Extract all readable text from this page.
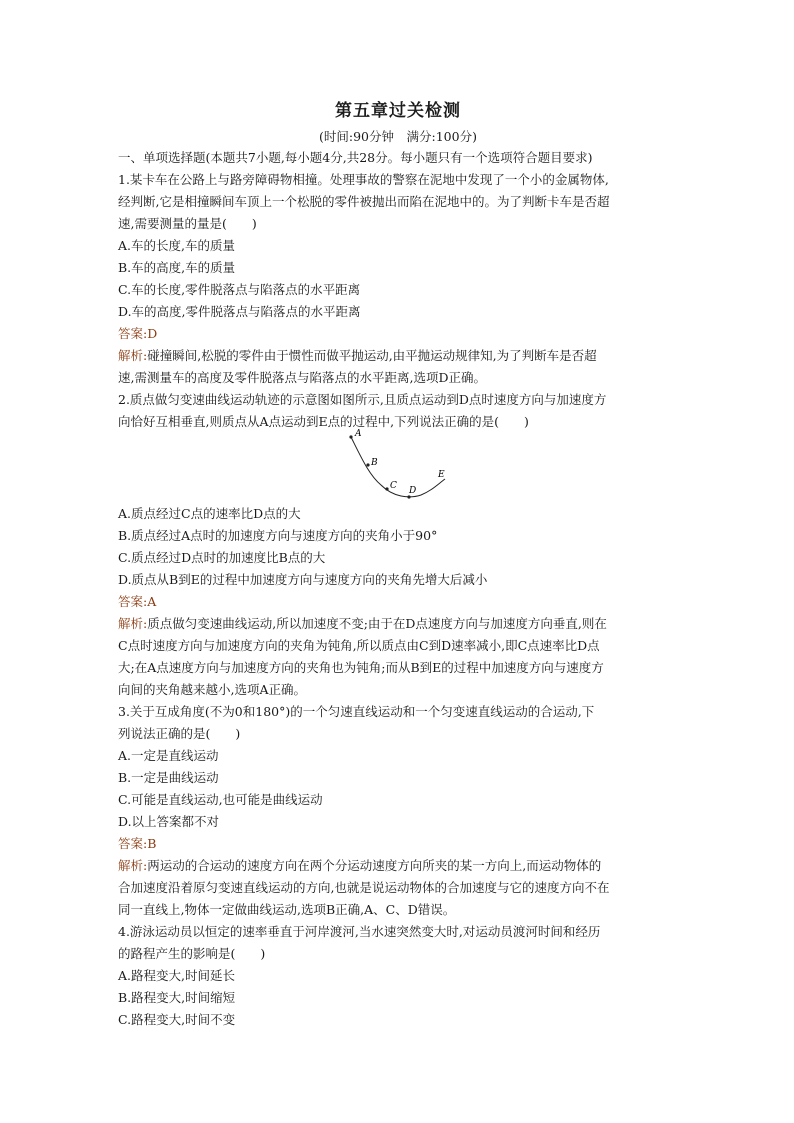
第五章过关检测
(时间:90分钟　满分:100分)

一、单项选择题(本题共7小题,每小题4分,共28分。每小题只有一个选项符合题目要求)

1.某卡车在公路上与路旁障碍物相撞。处理事故的警察在泥地中发现了一个小的金属物体,

经判断,它是相撞瞬间车顶上一个松脱的零件被抛出而陷在泥地中的。为了判断卡车是否超

速,需要测量的量是(　　)

A.车的长度,车的质量

B.车的高度,车的质量

C.车的长度,零件脱落点与陷落点的水平距离

D.车的高度,零件脱落点与陷落点的水平距离

答案:D

解析:碰撞瞬间,松脱的零件由于惯性而做平抛运动,由平抛运动规律知,为了判断车是否超

速,需测量车的高度及零件脱落点与陷落点的水平距离,选项D正确。

2.质点做匀变速曲线运动轨迹的示意图如图所示,且质点运动到D点时速度方向与加速度方

向恰好互相垂直,则质点从A点运动到E点的过程中,下列说法正确的是(　　)

A
B
C D
E

A.质点经过C点的速率比D点的大

B.质点经过A点时的加速度方向与速度方向的夹角小于90°

C.质点经过D点时的加速度比B点的大

D.质点从B到E的过程中加速度方向与速度方向的夹角先增大后减小

答案:A

解析:质点做匀变速曲线运动,所以加速度不变;由于在D点速度方向与加速度方向垂直,则在

C点时速度方向与加速度方向的夹角为钝角,所以质点由C到D速率减小,即C点速率比D点

大;在A点速度方向与加速度方向的夹角也为钝角;而从B到E的过程中加速度方向与速度方

向间的夹角越来越小,选项A正确。

3.关于互成角度(不为0和180°)的一个匀速直线运动和一个匀变速直线运动的合运动,下

列说法正确的是(　　)

A.一定是直线运动

B.一定是曲线运动

C.可能是直线运动,也可能是曲线运动

D.以上答案都不对

答案:B

解析:两运动的合运动的速度方向在两个分运动速度方向所夹的某一方向上,而运动物体的

合加速度沿着原匀变速直线运动的方向,也就是说运动物体的合加速度与它的速度方向不在

同一直线上,物体一定做曲线运动,选项B正确,A、C、D错误。

4.游泳运动员以恒定的速率垂直于河岸渡河,当水速突然变大时,对运动员渡河时间和经历

的路程产生的影响是(　　)

A.路程变大,时间延长

B.路程变大,时间缩短

C.路程变大,时间不变
